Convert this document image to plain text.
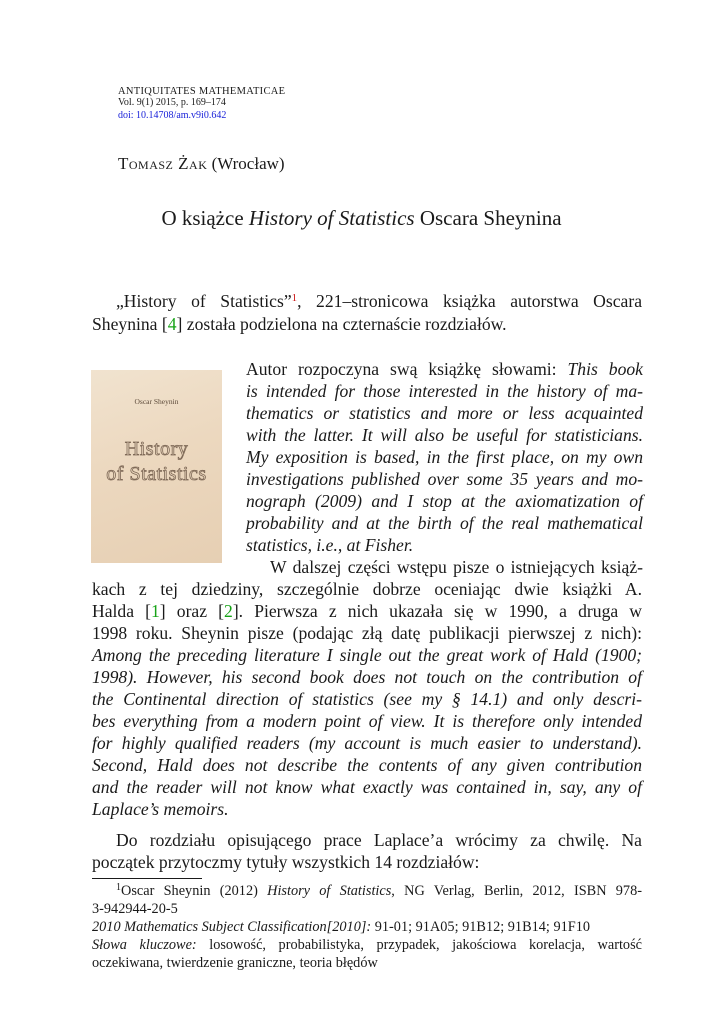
ANTIQUITATES MATHEMATICAE
Vol. 9(1) 2015, p. 169–174
doi: 10.14708/am.v9i0.642
Tomasz Żak (Wrocław)
O książce History of Statistics Oscara Sheynina
„History of Statistics”$^1$, 221–stronicowa książka autorstwa Oscara
Sheynina [4] została podzielona na czternaście rozdziałów.
Oscar Sheynin
History
of Statistics
Autor rozpoczyna swą książkę słowami: This book
is intended for those interested in the history of ma-
thematics or statistics and more or less acquainted
with the latter. It will also be useful for statisticians.
My exposition is based, in the first place, on my own
investigations published over some 35 years and mo-
nograph (2009) and I stop at the axiomatization of
probability and at the birth of the real mathematical
statistics, i.e., at Fisher.
W dalszej części wstępu pisze o istniejących książ-
kach z tej dziedziny, szczególnie dobrze oceniając dwie książki A.
Halda [1] oraz [2]. Pierwsza z nich ukazała się w 1990, a druga w
1998 roku. Sheynin pisze (podając złą datę publikacji pierwszej z nich):
Among the preceding literature I single out the great work of Hald (1900;
1998). However, his second book does not touch on the contribution of
the Continental direction of statistics (see my § 14.1) and only descri-
bes everything from a modern point of view. It is therefore only intended
for highly qualified readers (my account is much easier to understand).
Second, Hald does not describe the contents of any given contribution
and the reader will not know what exactly was contained in, say, any of
Laplace’s memoirs.
Do rozdziału opisującego prace Laplace’a wrócimy za chwilę. Na
początek przytoczmy tytuły wszystkich 14 rozdziałów:
$^1$Oscar Sheynin (2012) History of Statistics, NG Verlag, Berlin, 2012, ISBN 978-
3-942944-20-5
2010 Mathematics Subject Classification[2010]: 91-01; 91A05; 91B12; 91B14; 91F10
Słowa kluczowe: losowość, probabilistyka, przypadek, jakościowa korelacja, wartość
oczekiwana, twierdzenie graniczne, teoria błędów
